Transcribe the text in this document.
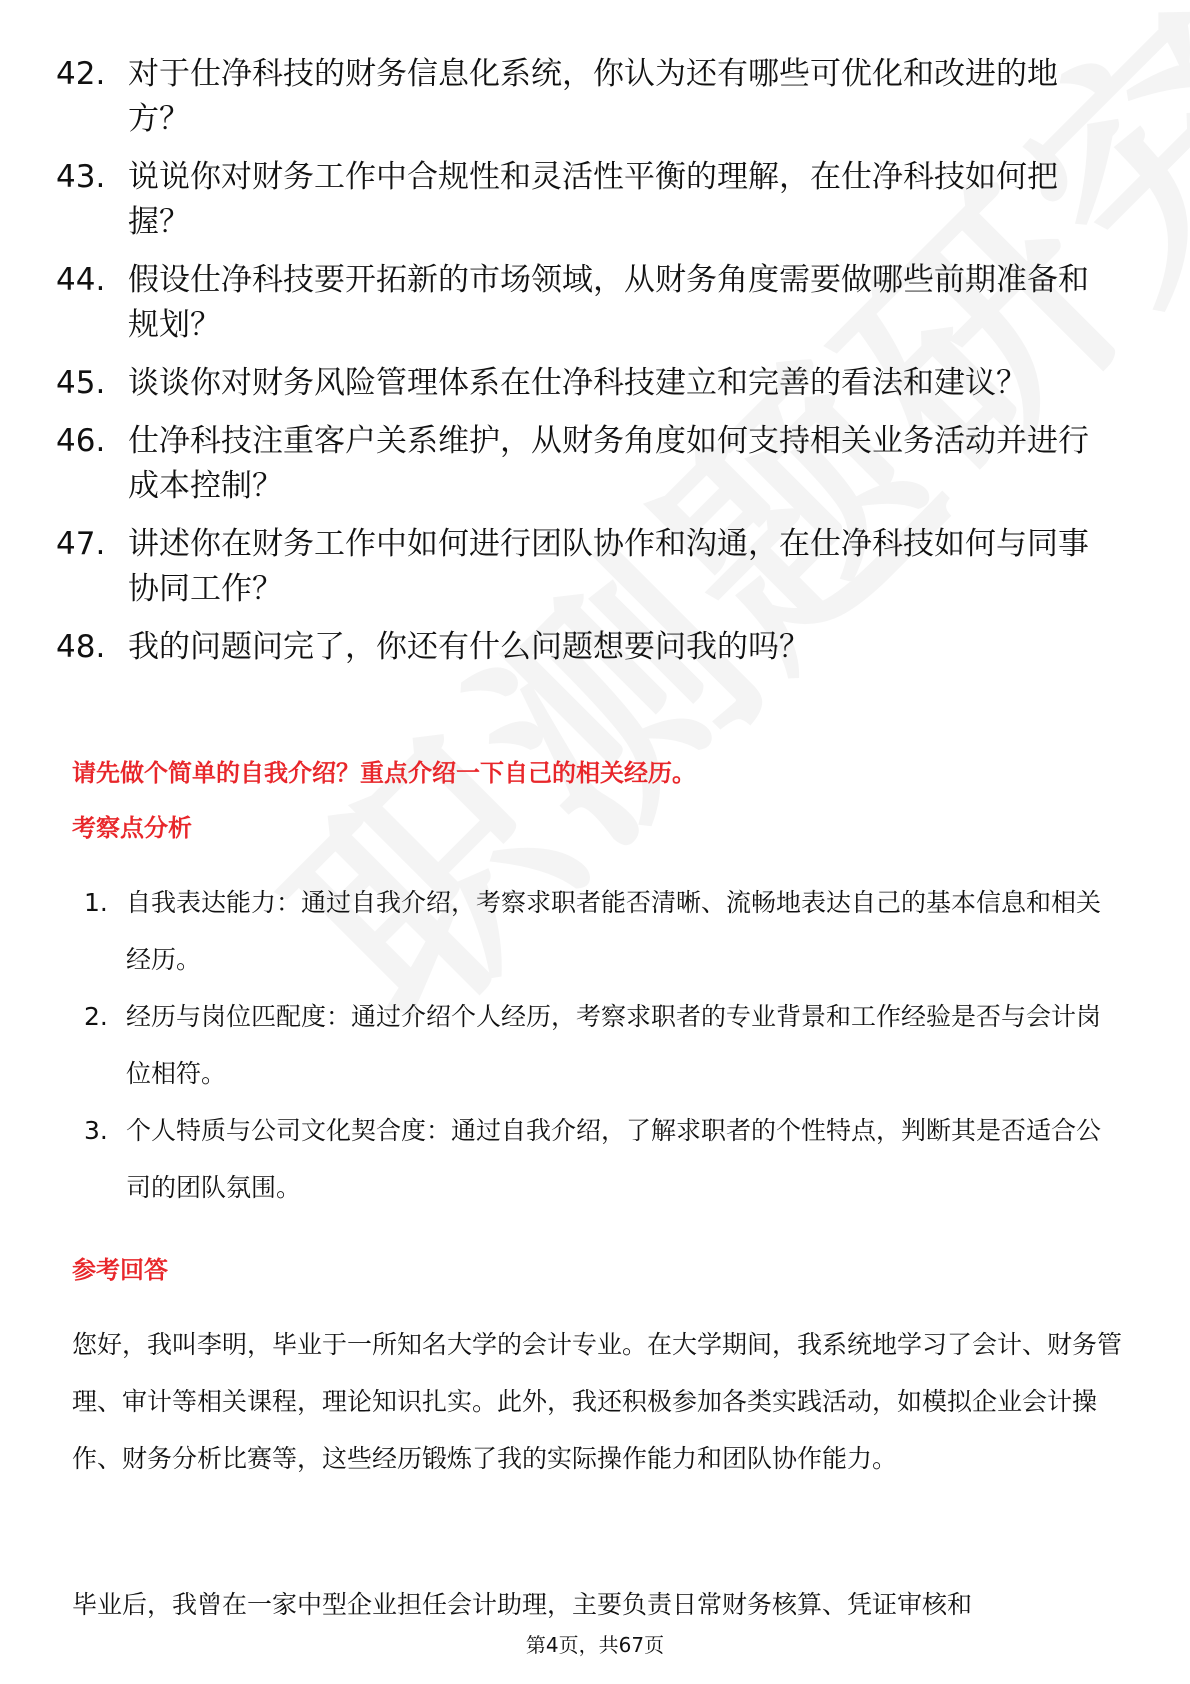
42. 对于仕净科技的财务信息化系统，你认为还有哪些可优化和改进的地方？
43. 说说你对财务工作中合规性和灵活性平衡的理解，在仕净科技如何把握？
44. 假设仕净科技要开拓新的市场领域，从财务角度需要做哪些前期准备和规划？
45. 谈谈你对财务风险管理体系在仕净科技建立和完善的看法和建议？
46. 仕净科技注重客户关系维护，从财务角度如何支持相关业务活动并进行成本控制？
47. 讲述你在财务工作中如何进行团队协作和沟通，在仕净科技如何与同事协同工作？
48. 我的问题问完了，你还有什么问题想要问我的吗？
请先做个简单的自我介绍？重点介绍一下自己的相关经历。
考察点分析
1. 自我表达能力：通过自我介绍，考察求职者能否清晰、流畅地表达自己的基本信息和相关经历。
2. 经历与岗位匹配度：通过介绍个人经历，考察求职者的专业背景和工作经验是否与会计岗位相符。
3. 个人特质与公司文化契合度：通过自我介绍，了解求职者的个性特点，判断其是否适合公司的团队氛围。
参考回答
您好，我叫李明，毕业于一所知名大学的会计专业。在大学期间，我系统地学习了会计、财务管理、审计等相关课程，理论知识扎实。此外，我还积极参加各类实践活动，如模拟企业会计操作、财务分析比赛等，这些经历锻炼了我的实际操作能力和团队协作能力。
毕业后，我曾在一家中型企业担任会计助理，主要负责日常财务核算、凭证审核和
第4页，共67页
